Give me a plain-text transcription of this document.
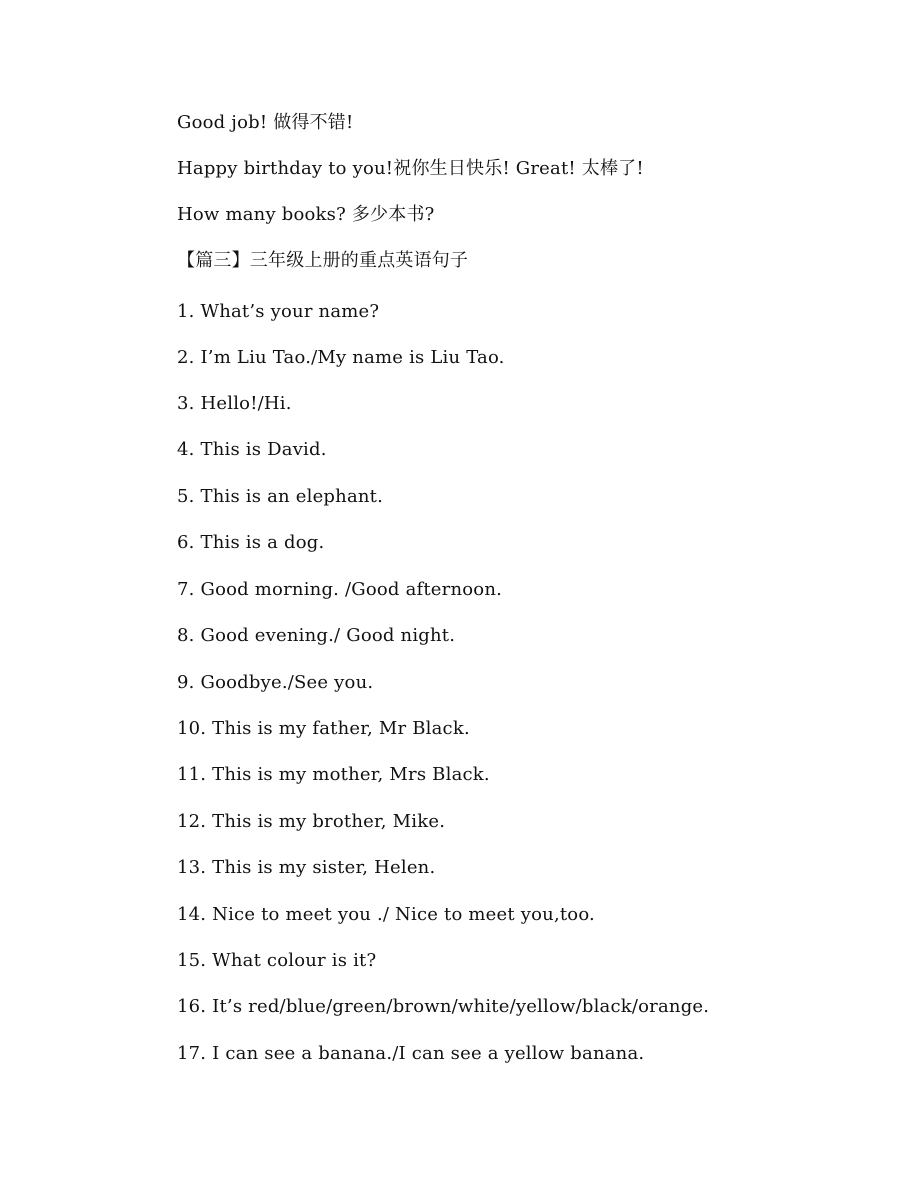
Good job! 做得不错!
Happy birthday to you!祝你生日快乐! Great! 太棒了!
How many books? 多少本书?
【篇三】三年级上册的重点英语句子
1. What’s your name?
2. I’m Liu Tao./My name is Liu Tao.
3. Hello!/Hi.
4. This is David.
5. This is an elephant.
6. This is a dog.
7. Good morning. /Good afternoon.
8. Good evening./ Good night.
9. Goodbye./See you.
10. This is my father, Mr Black.
11. This is my mother, Mrs Black.
12. This is my brother, Mike.
13. This is my sister, Helen.
14. Nice to meet you ./ Nice to meet you,too.
15. What colour is it?
16. It’s red/blue/green/brown/white/yellow/black/orange.
17. I can see a banana./I can see a yellow banana.
